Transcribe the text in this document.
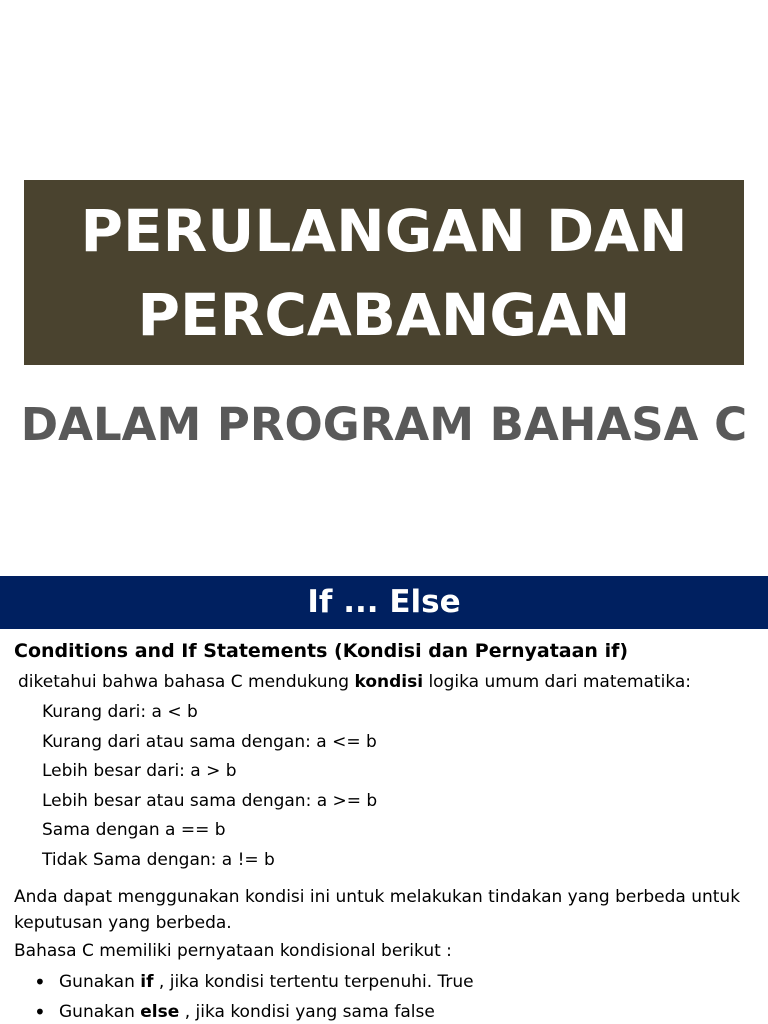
PERULANGAN DAN
PERCABANGAN
DALAM PROGRAM BAHASA C
If ... Else

Conditions and If Statements (Kondisi dan Pernyataan if)

diketahui bahwa bahasa C mendukung kondisi logika umum dari matematika:

Kurang dari: a < b
Kurang dari atau sama dengan: a <= b
Lebih besar dari: a > b
Lebih besar atau sama dengan: a >= b
Sama dengan a == b
Tidak Sama dengan: a != b

Anda dapat menggunakan kondisi ini untuk melakukan tindakan yang berbeda untuk keputusan yang berbeda.

Bahasa C memiliki pernyataan kondisional berikut :

• Gunakan if , jika kondisi tertentu terpenuhi. True
• Gunakan else , jika kondisi yang sama false
